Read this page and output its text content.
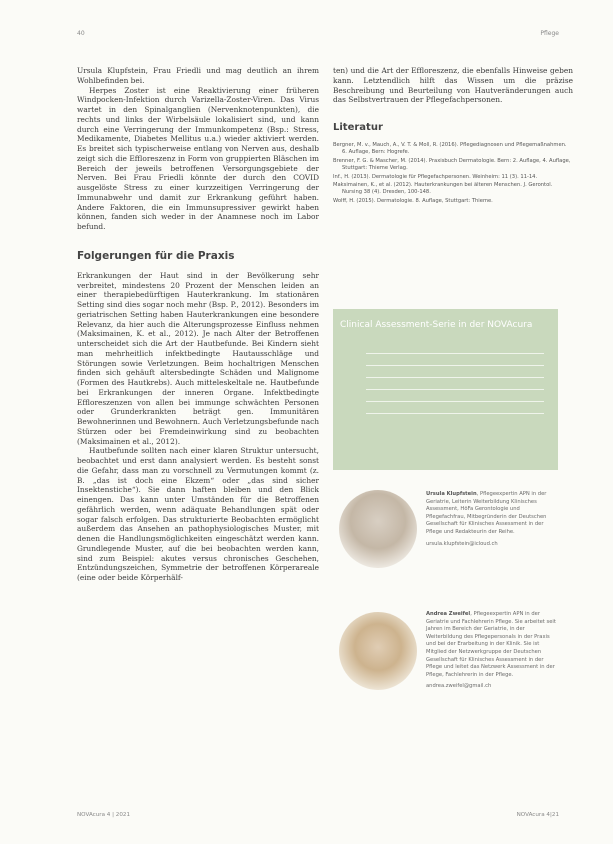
40	Pflege

Ursula Klupfstein, Frau Friedli und mag deutlich an ihrem Wohlbefinden bei.

Herpes Zoster ist eine Reaktivierung einer früheren Windpocken-Infektion durch Varizella-Zoster-Viren. Das Virus wartet in den Spinalganglien (Nervenknotenpunkten), die rechts und links der Wirbelsäule lokalisiert sind, und kann durch eine Verringerung der Immunkompetenz (Bsp.: Stress, Medikamente, Diabetes Mellitus u.a.) wieder aktiviert werden. Es breitet sich typischerweise entlang von Nerven aus, deshalb zeigt sich die Effloreszenz in Form von gruppierten Bläschen im Bereich der jeweils betroffenen Versorgungsgebiete der Nerven. Bei Frau Friedli könnte der durch den COVID ausgelöste Stress zu einer kurzzeitigen Verringerung der Immunabwehr und damit zur Erkrankung geführt haben. Andere Faktoren, die ein Immunsupressiver gewirkt haben können, fanden sich weder in der Anamnese noch im Labor befund.

Folgerungen für die Praxis

Erkrankungen der Haut sind in der Bevölkerung sehr verbreitet, mindestens 20 Prozent der Menschen leiden an einer therapiebedürftigen Hauterkrankung. Im stationären Setting sind dies sogar noch mehr (Bsp. P., 2012). Besonders im geriatrischen Setting haben Hauterkrankungen eine besondere Relevanz, da hier auch die Alterungsprozesse Einfluss nehmen (Maksimainen, K. et al., 2012). Je nach Alter der Betroffenen unterscheidet sich die Art der Hautbefunde. Bei Kindern sieht man mehrheitlich infektbedingte Hautausschläge und Störungen sowie Verletzungen. Beim hochaltrigen Menschen finden sich gehäuft altersbedingte Schäden und Malignome (Formen des Hautkrebs). Auch mitteleskeltale ne. Hautbefunde bei Erkrankungen der inneren Organe. Infektbedingte Effloreszenzen von allen bei immunge schwächten Personen oder Grunderkrankten beträgt gen. Immunitären Bewohnerinnen und Bewohnern. Auch Verletzungsbefunde nach Stürzen oder bei Fremdeinwirkung sind zu beobachten (Maksimainen et al., 2012).

Hautbefunde sollten nach einer klaren Struktur untersucht, beobachtet und erst dann analysiert werden. Es besteht sonst die Gefahr, dass man zu vorschnell zu Vermutungen kommt (z. B. „das ist doch eine Ekzem“ oder „das sind sicher Insektenstiche“). Sie dann haften bleiben und den Blick einengen. Das kann unter Umständen für die Betroffenen gefährlich werden, wenn adäquate Behandlungen spät oder sogar falsch erfolgen. Das strukturierte Beobachten ermöglicht außerdem das Ansehen an pathophysiologisches Muster, mit denen die Handlungsmöglichkeiten eingeschätzt werden kann. Grundlegende Muster, auf die bei beobachten werden kann, sind zum Beispiel: akutes versus chronisches Geschehen, Entzündungszeichen, Symmetrie der betroffenen Körperareale (eine oder beide Körperhälf-

ten) und die Art der Effloreszenz, die ebenfalls Hinweise geben kann. Letztendlich hilft das Wissen um die präzise Beschreibung und Beurteilung von Hautveränderungen auch das Selbstvertrauen der Pflegefachpersonen.

Literatur
Bergner, M. v., Mauch, A., V. T. & Moll, R. (2016). Pflegediagnosen und Pflegemaßnahmen. 6. Auflage, Bern: Hogrefe.
Brenner, F. G. & Mascher, M. (2014). Praxisbuch Dermatologie. Bern: 2. Auflage, 4. Auflage, Stuttgart: Thieme Verlag.
Inf., H. (2013). Dermatologie für Pflegefachpersonen. Weinheim: 11 (3). 11-14.
Maksimainen, K., et al. (2012). Hauterkrankungen bei älteren Menschen. J. Gerontol. Nursing 38 (4). Dresden, 100-148.
Wolff, H. (2015). Dermatologie. 8. Auflage, Stuttgart: Thieme.
Clinical Assessment-Serie in der NOVAcura
Ursula Klupfstein, Pflegeexpertin APN in der Geriatrie, Leiterin Weiterbildung Klinisches Assessment, HöFa Gerontologie und Pflegefachfrau, Mitbegründerin der Deutschen Gesellschaft für Klinisches Assessment in der Pflege und Redakteurin der Reihe.
ursula.klupfstein@icloud.ch
Andrea Zweifel, Pflegeexpertin APN in der Geriatrie und Fachlehrerin Pflege. Sie arbeitet seit Jahren im Bereich der Geriatrie, in der Weiterbildung des Pflegepersonals in der Praxis und bei der Erarbeitung in der Klinik. Sie ist Mitglied der Netzwerkgruppe der Deutschen Gesellschaft für Klinisches Assessment in der Pflege und leitet das Netzwerk Assessment in der Pflege, Fachlehrerin in der Pflege.
andrea.zweifel@gmail.ch
NOVAcura 4 | 2021	NOVAcura 4|21
